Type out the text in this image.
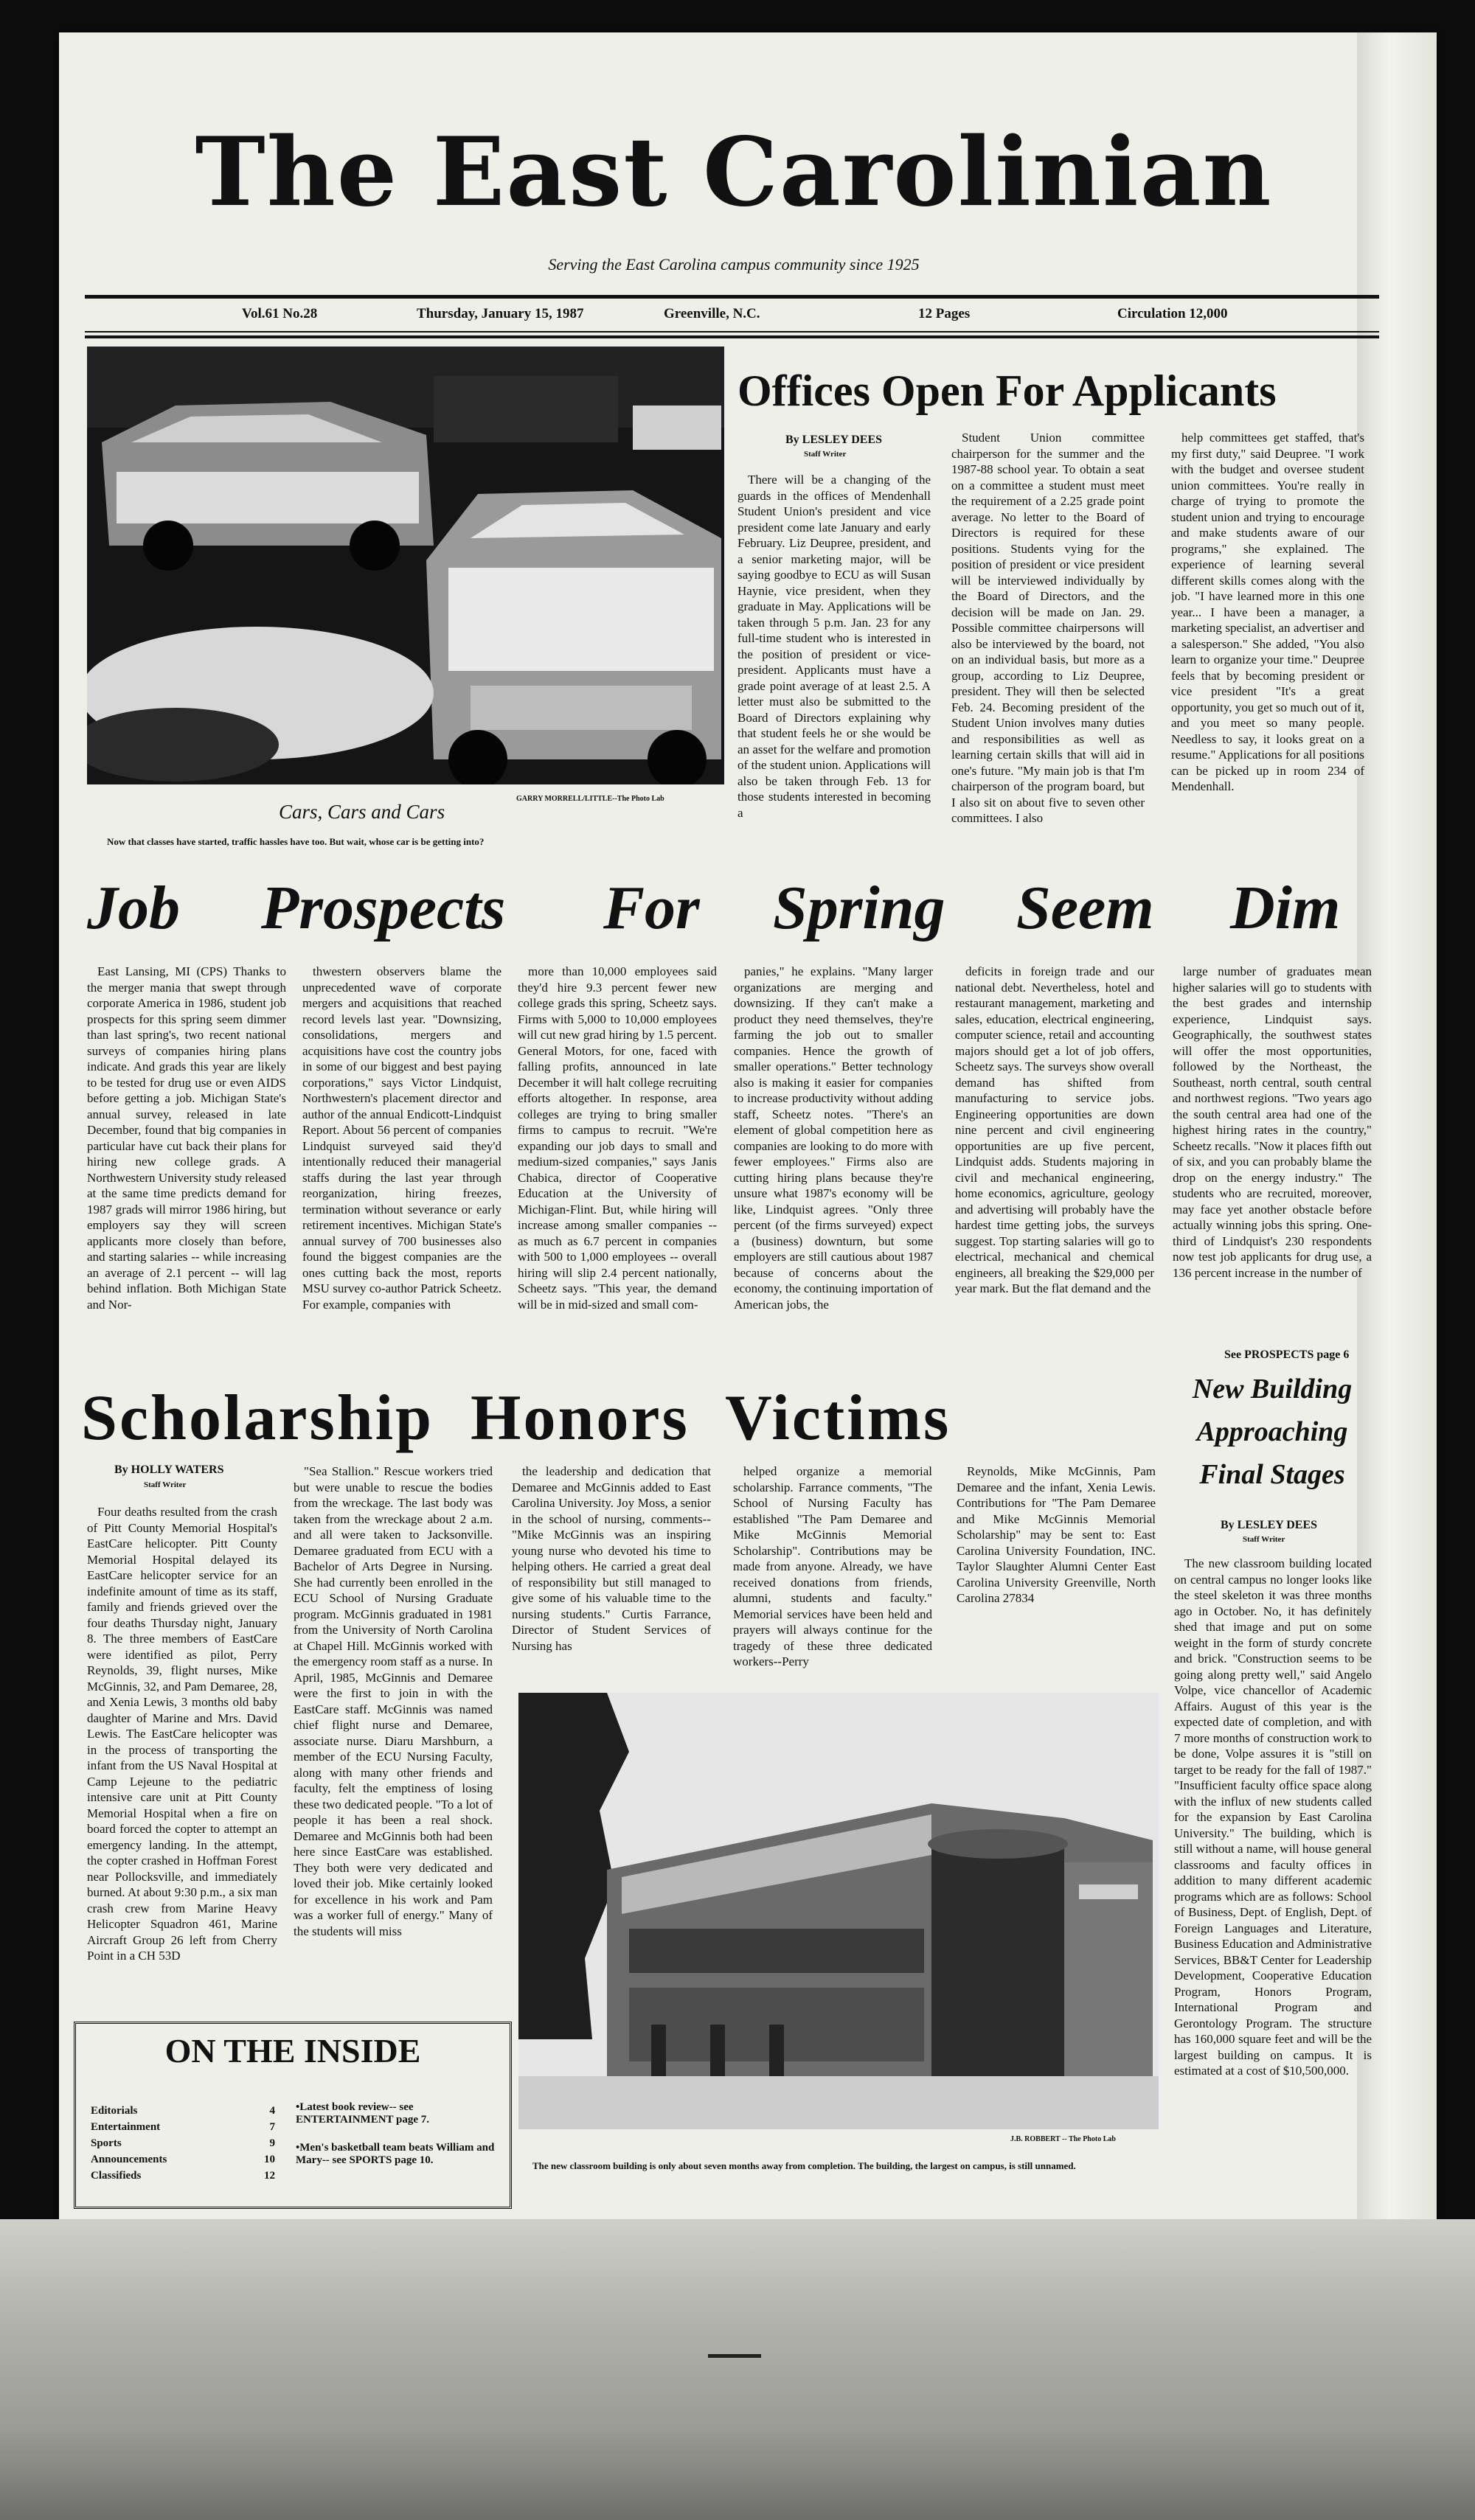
The East Carolinian
Serving the East Carolina campus community since 1925
Vol.61 No.28	Thursday, January 15, 1987	Greenville, N.C.	12 Pages	Circulation 12,000
Cars, Cars and Cars
GARRY MORRELL/LITTLE--The Photo Lab
Now that classes have started, traffic hassles have too. But wait, whose car is be getting into?
Offices Open For Applicants
By LESLEY DEES
Staff Writer

There will be a changing of the guards in the offices of Mendenhall Student Union's president and vice president come late January and early February. Liz Deupree, president, and a senior marketing major, will be saying goodbye to ECU as will Susan Haynie, vice president, when they graduate in May. Applications will be taken through 5 p.m. Jan. 23 for any full-time student who is interested in the position of president or vice-president. Applicants must have a grade point average of at least 2.5. A letter must also be submitted to the Board of Directors explaining why that student feels he or she would be an asset for the welfare and promotion of the student union. Applications will also be taken through Feb. 13 for those students interested in becoming a

Student Union committee chairperson for the summer and the 1987-88 school year. To obtain a seat on a committee a student must meet the requirement of a 2.25 grade point average. No letter to the Board of Directors is required for these positions. Students vying for the position of president or vice president will be interviewed individually by the Board of Directors, and the decision will be made on Jan. 29. Possible committee chairpersons will also be interviewed by the board, not on an individual basis, but more as a group, according to Liz Deupree, president. They will then be selected Feb. 24. Becoming president of the Student Union involves many duties and responsibilities as well as learning certain skills that will aid in one's future. "My main job is that I'm chairperson of the program board, but I also sit on about five to seven other committees. I also

help committees get staffed, that's my first duty," said Deupree. "I work with the budget and oversee student union committees. You're really in charge of trying to promote the student union and trying to encourage and make students aware of our programs," she explained. The experience of learning several different skills comes along with the job. "I have learned more in this one year... I have been a manager, a marketing specialist, an advertiser and a salesperson." She added, "You also learn to organize your time." Deupree feels that by becoming president or vice president "It's a great opportunity, you get so much out of it, and you meet so many people. Needless to say, it looks great on a resume." Applications for all positions can be picked up in room 234 of Mendenhall.

Job Prospects For Spring Seem Dim

East Lansing, MI (CPS) Thanks to the merger mania that swept through corporate America in 1986, student job prospects for this spring seem dimmer than last spring's, two recent national surveys of companies hiring plans indicate. And grads this year are likely to be tested for drug use or even AIDS before getting a job. Michigan State's annual survey, released in late December, found that big companies in particular have cut back their plans for hiring new college grads. A Northwestern University study released at the same time predicts demand for 1987 grads will mirror 1986 hiring, but employers say they will screen applicants more closely than before, and starting salaries -- while increasing an average of 2.1 percent -- will lag behind inflation. Both Michigan State and Nor-

thwestern observers blame the unprecedented wave of corporate mergers and acquisitions that reached record levels last year. "Downsizing, consolidations, mergers and acquisitions have cost the country jobs in some of our biggest and best paying corporations," says Victor Lindquist, Northwestern's placement director and author of the annual Endicott-Lindquist Report. About 56 percent of companies Lindquist surveyed said they'd intentionally reduced their managerial staffs during the last year through reorganization, hiring freezes, termination without severance or early retirement incentives. Michigan State's annual survey of 700 businesses also found the biggest companies are the ones cutting back the most, reports MSU survey co-author Patrick Scheetz. For example, companies with

more than 10,000 employees said they'd hire 9.3 percent fewer new college grads this spring, Scheetz says. Firms with 5,000 to 10,000 employees will cut new grad hiring by 1.5 percent. General Motors, for one, faced with falling profits, announced in late December it will halt college recruiting efforts altogether. In response, area colleges are trying to bring smaller firms to campus to recruit. "We're expanding our job days to small and medium-sized companies," says Janis Chabica, director of Cooperative Education at the University of Michigan-Flint. But, while hiring will increase among smaller companies -- as much as 6.7 percent in companies with 500 to 1,000 employees -- overall hiring will slip 2.4 percent nationally, Scheetz says. "This year, the demand will be in mid-sized and small com-

panies," he explains. "Many larger organizations are merging and downsizing. If they can't make a product they need themselves, they're farming the job out to smaller companies. Hence the growth of smaller operations." Better technology also is making it easier for companies to increase productivity without adding staff, Scheetz notes. "There's an element of global competition here as companies are looking to do more with fewer employees." Firms also are cutting hiring plans because they're unsure what 1987's economy will be like, Lindquist agrees. "Only three percent (of the firms surveyed) expect a (business) downturn, but some employers are still cautious about 1987 because of concerns about the economy, the continuing importation of American jobs, the

deficits in foreign trade and our national debt. Nevertheless, hotel and restaurant management, marketing and sales, education, electrical engineering, computer science, retail and accounting majors should get a lot of job offers, Scheetz says. The surveys show overall demand has shifted from manufacturing to service jobs. Engineering opportunities are down nine percent and civil engineering opportunities are up five percent, Lindquist adds. Students majoring in civil and mechanical engineering, home economics, agriculture, geology and advertising will probably have the hardest time getting jobs, the surveys suggest. Top starting salaries will go to electrical, mechanical and chemical engineers, all breaking the $29,000 per year mark. But the flat demand and the

large number of graduates mean higher salaries will go to students with the best grades and internship experience, Lindquist says. Geographically, the southwest states will offer the most opportunities, followed by the Northeast, the Southeast, north central, south central and northwest regions. "Two years ago the south central area had one of the highest hiring rates in the country," Scheetz recalls. "Now it places fifth out of six, and you can probably blame the drop on the energy industry." The students who are recruited, moreover, may face yet another obstacle before actually winning jobs this spring. One-third of Lindquist's 230 respondents now test job applicants for drug use, a 136 percent increase in the number of

See PROSPECTS page 6
Scholarship  Honors  Victims
By HOLLY WATERS
Staff Writer

Four deaths resulted from the crash of Pitt County Memorial Hospital's EastCare helicopter. Pitt County Memorial Hospital delayed its EastCare helicopter service for an indefinite amount of time as its staff, family and friends grieved over the four deaths Thursday night, January 8. The three members of EastCare were identified as pilot, Perry Reynolds, 39, flight nurses, Mike McGinnis, 32, and Pam Demaree, 28, and Xenia Lewis, 3 months old baby daughter of Marine and Mrs. David Lewis. The EastCare helicopter was in the process of transporting the infant from the US Naval Hospital at Camp Lejeune to the pediatric intensive care unit at Pitt County Memorial Hospital when a fire on board forced the copter to attempt an emergency landing. In the attempt, the copter crashed in Hoffman Forest near Pollocksville, and immediately burned. At about 9:30 p.m., a six man crash crew from Marine Heavy Helicopter Squadron 461, Marine Aircraft Group 26 left from Cherry Point in a CH 53D

"Sea Stallion." Rescue workers tried but were unable to rescue the bodies from the wreckage. The last body was taken from the wreckage about 2 a.m. and all were taken to Jacksonville. Demaree graduated from ECU with a Bachelor of Arts Degree in Nursing. She had currently been enrolled in the ECU School of Nursing Graduate program. McGinnis graduated in 1981 from the University of North Carolina at Chapel Hill. McGinnis worked with the emergency room staff as a nurse. In April, 1985, McGinnis and Demaree were the first to join in with the EastCare staff. McGinnis was named chief flight nurse and Demaree, associate nurse. Diaru Marshburn, a member of the ECU Nursing Faculty, along with many other friends and faculty, felt the emptiness of losing these two dedicated people. "To a lot of people it has been a real shock. Demaree and McGinnis both had been here since EastCare was established. They both were very dedicated and loved their job. Mike certainly looked for excellence in his work and Pam was a worker full of energy." Many of the students will miss

the leadership and dedication that Demaree and McGinnis added to East Carolina University. Joy Moss, a senior in the school of nursing, comments--"Mike McGinnis was an inspiring young nurse who devoted his time to helping others. He carried a great deal of responsibility but still managed to give some of his valuable time to the nursing students." Curtis Farrance, Director of Student Services of Nursing has

helped organize a memorial scholarship. Farrance comments, "The School of Nursing Faculty has established "The Pam Demaree and Mike McGinnis Memorial Scholarship". Contributions may be made from anyone. Already, we have received donations from friends, alumni, students and faculty." Memorial services have been held and prayers will always continue for the tragedy of these three dedicated workers--Perry

Reynolds, Mike McGinnis, Pam Demaree and the infant, Xenia Lewis. Contributions for "The Pam Demaree and Mike McGinnis Memorial Scholarship" may be sent to: East Carolina University Foundation, INC. Taylor Slaughter Alumni Center East Carolina University Greenville, North Carolina 27834

New Building
Approaching
Final Stages
By LESLEY DEES
Staff Writer

The new classroom building located on central campus no longer looks like the steel skeleton it was three months ago in October. No, it has definitely shed that image and put on some weight in the form of sturdy concrete and brick. "Construction seems to be going along pretty well," said Angelo Volpe, vice chancellor of Academic Affairs. August of this year is the expected date of completion, and with 7 more months of construction work to be done, Volpe assures it is "still on target to be ready for the fall of 1987." "Insufficient faculty office space along with the influx of new students called for the expansion by East Carolina University." The building, which is still without a name, will house general classrooms and faculty offices in addition to many different academic programs which are as follows: School of Business, Dept. of English, Dept. of Foreign Languages and Literature, Business Education and Administrative Services, BB&T Center for Leadership Development, Cooperative Education Program, Honors Program, International Program and Gerontology Program. The structure has 160,000 square feet and will be the largest building on campus. It is estimated at a cost of $10,500,000.

J.B. ROBBERT -- The Photo Lab
The new classroom building is only about seven months away from completion. The building, the largest on campus, is still unnamed.
ON THE INSIDE
Editorials	4
Entertainment	7
Sports	9
Announcements	10
Classifieds	12
•Latest book review-- see ENTERTAINMENT page 7.
•Men's basketball team beats William and Mary-- see SPORTS page 10.
